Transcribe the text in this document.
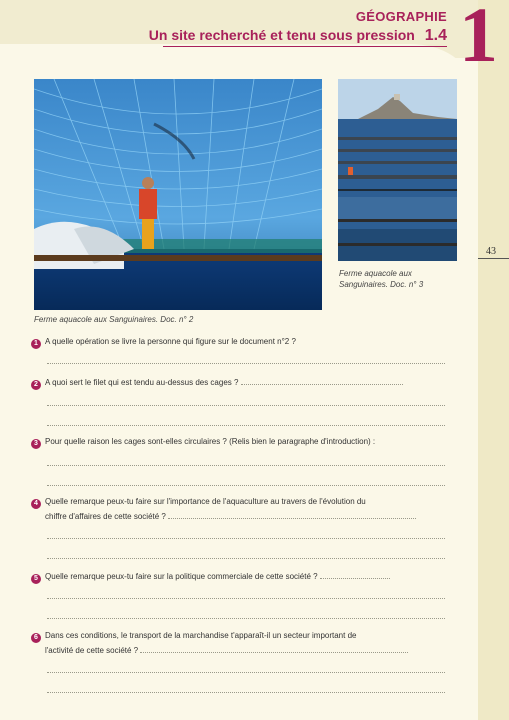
GÉOGRAPHIE
Un site recherché et tenu sous pression 1.4 1
43
Ferme aquacole aux Sanguinaires. Doc. n° 2
Ferme aquacole aux
Sanguinaires. Doc. n° 3
1 A quelle opération se livre la personne qui figure sur le document n°2 ?
2 A quoi sert le filet qui est tendu au-dessus des cages ?
3 Pour quelle raison les cages sont-elles circulaires ? (Relis bien le paragraphe d'introduction) :
4 Quelle remarque peux-tu faire sur l'importance de l'aquaculture au travers de l'évolution du
chiffre d'affaires de cette société ?
5 Quelle remarque peux-tu faire sur la politique commerciale de cette société ?
6 Dans ces conditions, le transport de la marchandise t'apparaît-il un secteur important de
l'activité de cette société ?
